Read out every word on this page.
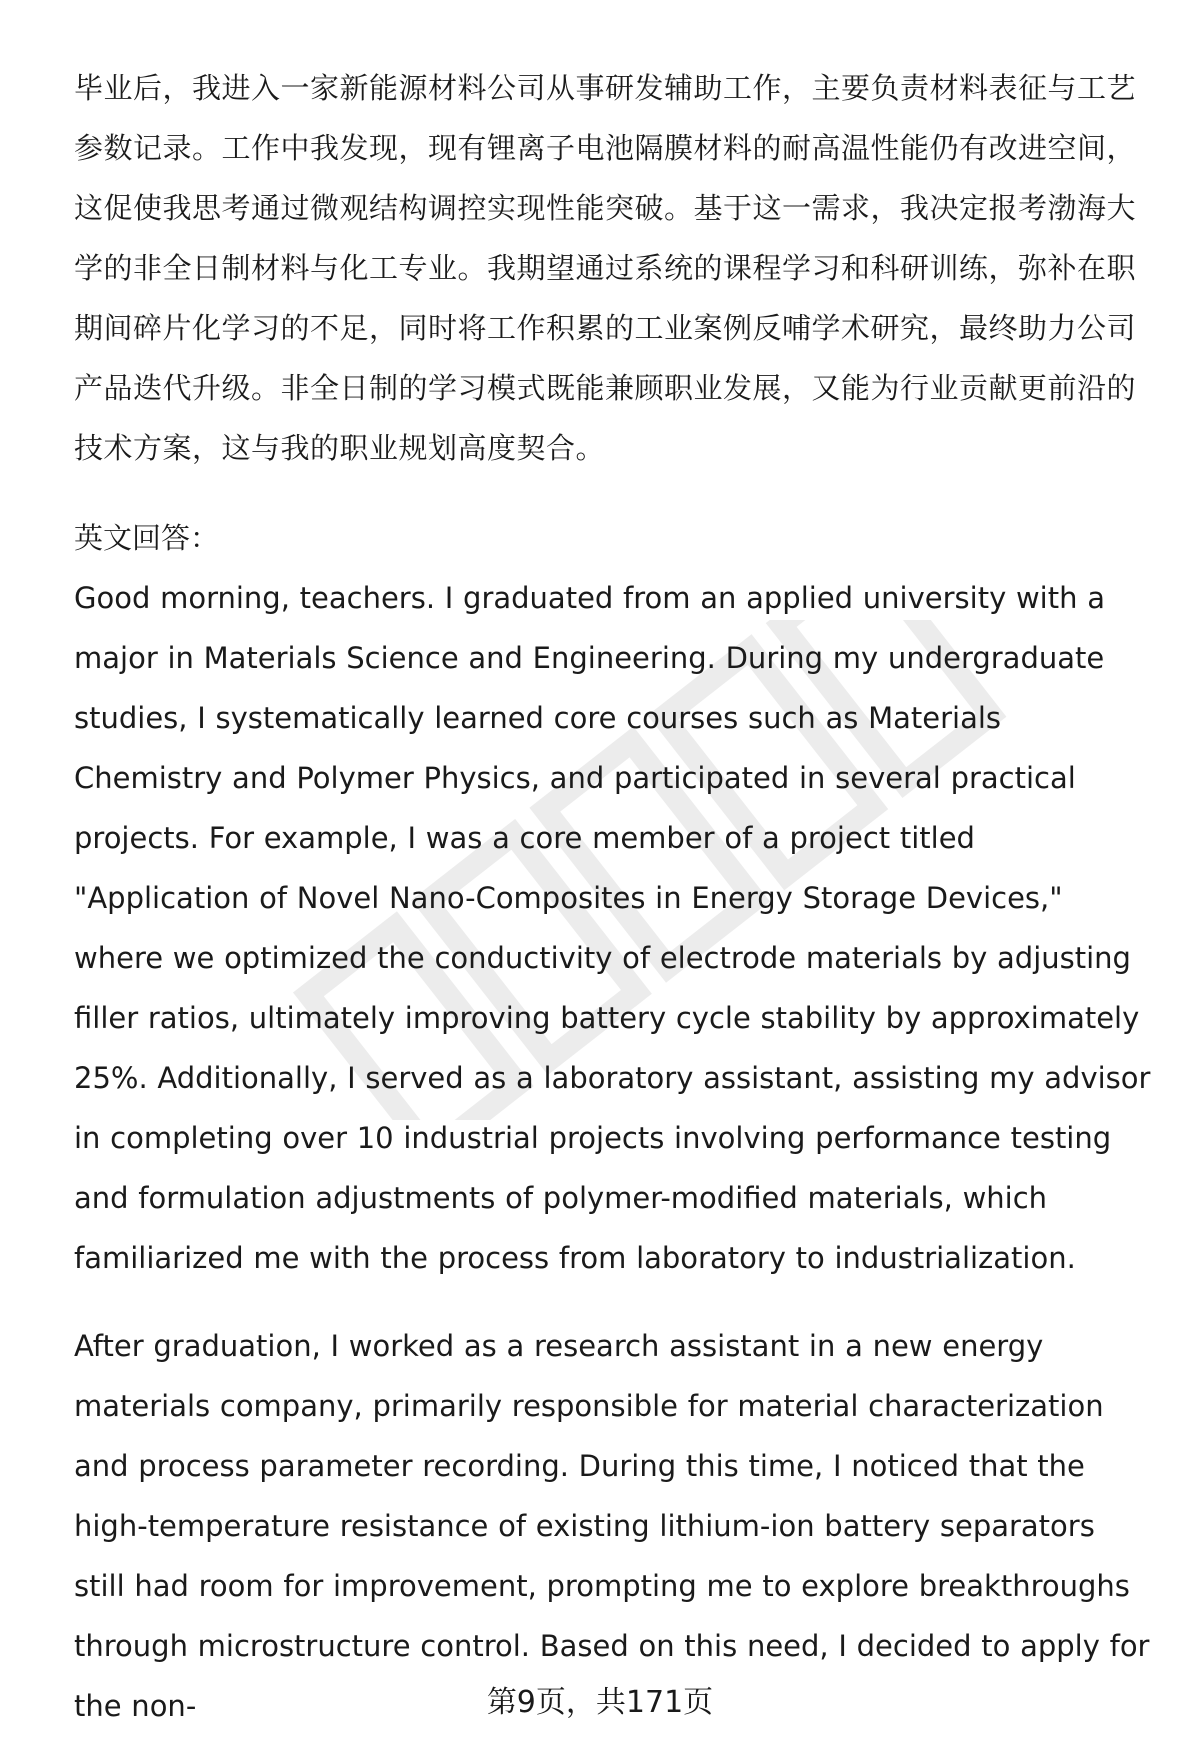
毕业后，我进入一家新能源材料公司从事研发辅助工作，主要负责材料表征与工艺参数记录。工作中我发现，现有锂离子电池隔膜材料的耐高温性能仍有改进空间，这促使我思考通过微观结构调控实现性能突破。基于这一需求，我决定报考渤海大学的非全日制材料与化工专业。我期望通过系统的课程学习和科研训练，弥补在职期间碎片化学习的不足，同时将工作积累的工业案例反哺学术研究，最终助力公司产品迭代升级。非全日制的学习模式既能兼顾职业发展，又能为行业贡献更前沿的技术方案，这与我的职业规划高度契合。

英文回答：

Good morning, teachers. I graduated from an applied university with a major in Materials Science and Engineering. During my undergraduate studies, I systematically learned core courses such as Materials Chemistry and Polymer Physics, and participated in several practical projects. For example, I was a core member of a project titled "Application of Novel Nano-Composites in Energy Storage Devices," where we optimized the conductivity of electrode materials by adjusting filler ratios, ultimately improving battery cycle stability by approximately 25%. Additionally, I served as a laboratory assistant, assisting my advisor in completing over 10 industrial projects involving performance testing and formulation adjustments of polymer-modified materials, which familiarized me with the process from laboratory to industrialization.

After graduation, I worked as a research assistant in a new energy materials company, primarily responsible for material characterization and process parameter recording. During this time, I noticed that the high-temperature resistance of existing lithium-ion battery separators still had room for improvement, prompting me to explore breakthroughs through microstructure control. Based on this need, I decided to apply for the non-	第9页，共171页
